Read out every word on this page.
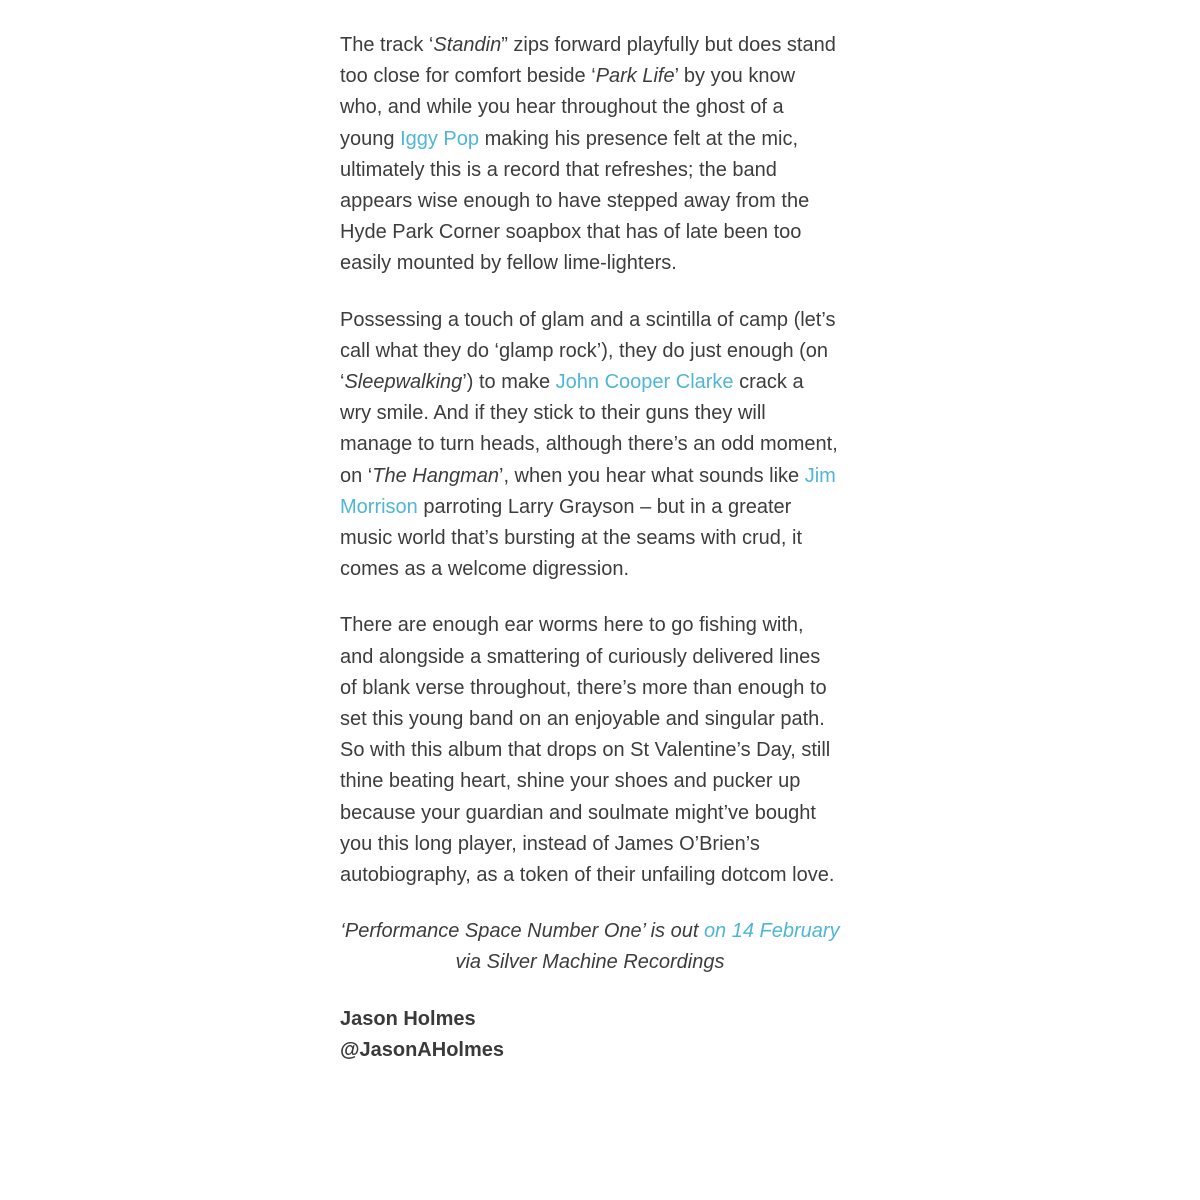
The track ‘Standin” zips forward playfully but does stand too close for comfort beside ‘Park Life’ by you know who, and while you hear throughout the ghost of a young Iggy Pop making his presence felt at the mic, ultimately this is a record that refreshes; the band appears wise enough to have stepped away from the Hyde Park Corner soapbox that has of late been too easily mounted by fellow lime-lighters.

Possessing a touch of glam and a scintilla of camp (let’s call what they do ‘glamp rock’), they do just enough (on ‘Sleepwalking’) to make John Cooper Clarke crack a wry smile. And if they stick to their guns they will manage to turn heads, although there’s an odd moment, on ‘The Hangman’, when you hear what sounds like Jim Morrison parroting Larry Grayson – but in a greater music world that’s bursting at the seams with crud, it comes as a welcome digression.

There are enough ear worms here to go fishing with, and alongside a smattering of curiously delivered lines of blank verse throughout, there’s more than enough to set this young band on an enjoyable and singular path. So with this album that drops on St Valentine’s Day, still thine beating heart, shine your shoes and pucker up because your guardian and soulmate might’ve bought you this long player, instead of James O’Brien’s autobiography, as a token of their unfailing dotcom love.

‘Performance Space Number One’ is out on 14 February via Silver Machine Recordings
Jason Holmes
@JasonAHolmes
